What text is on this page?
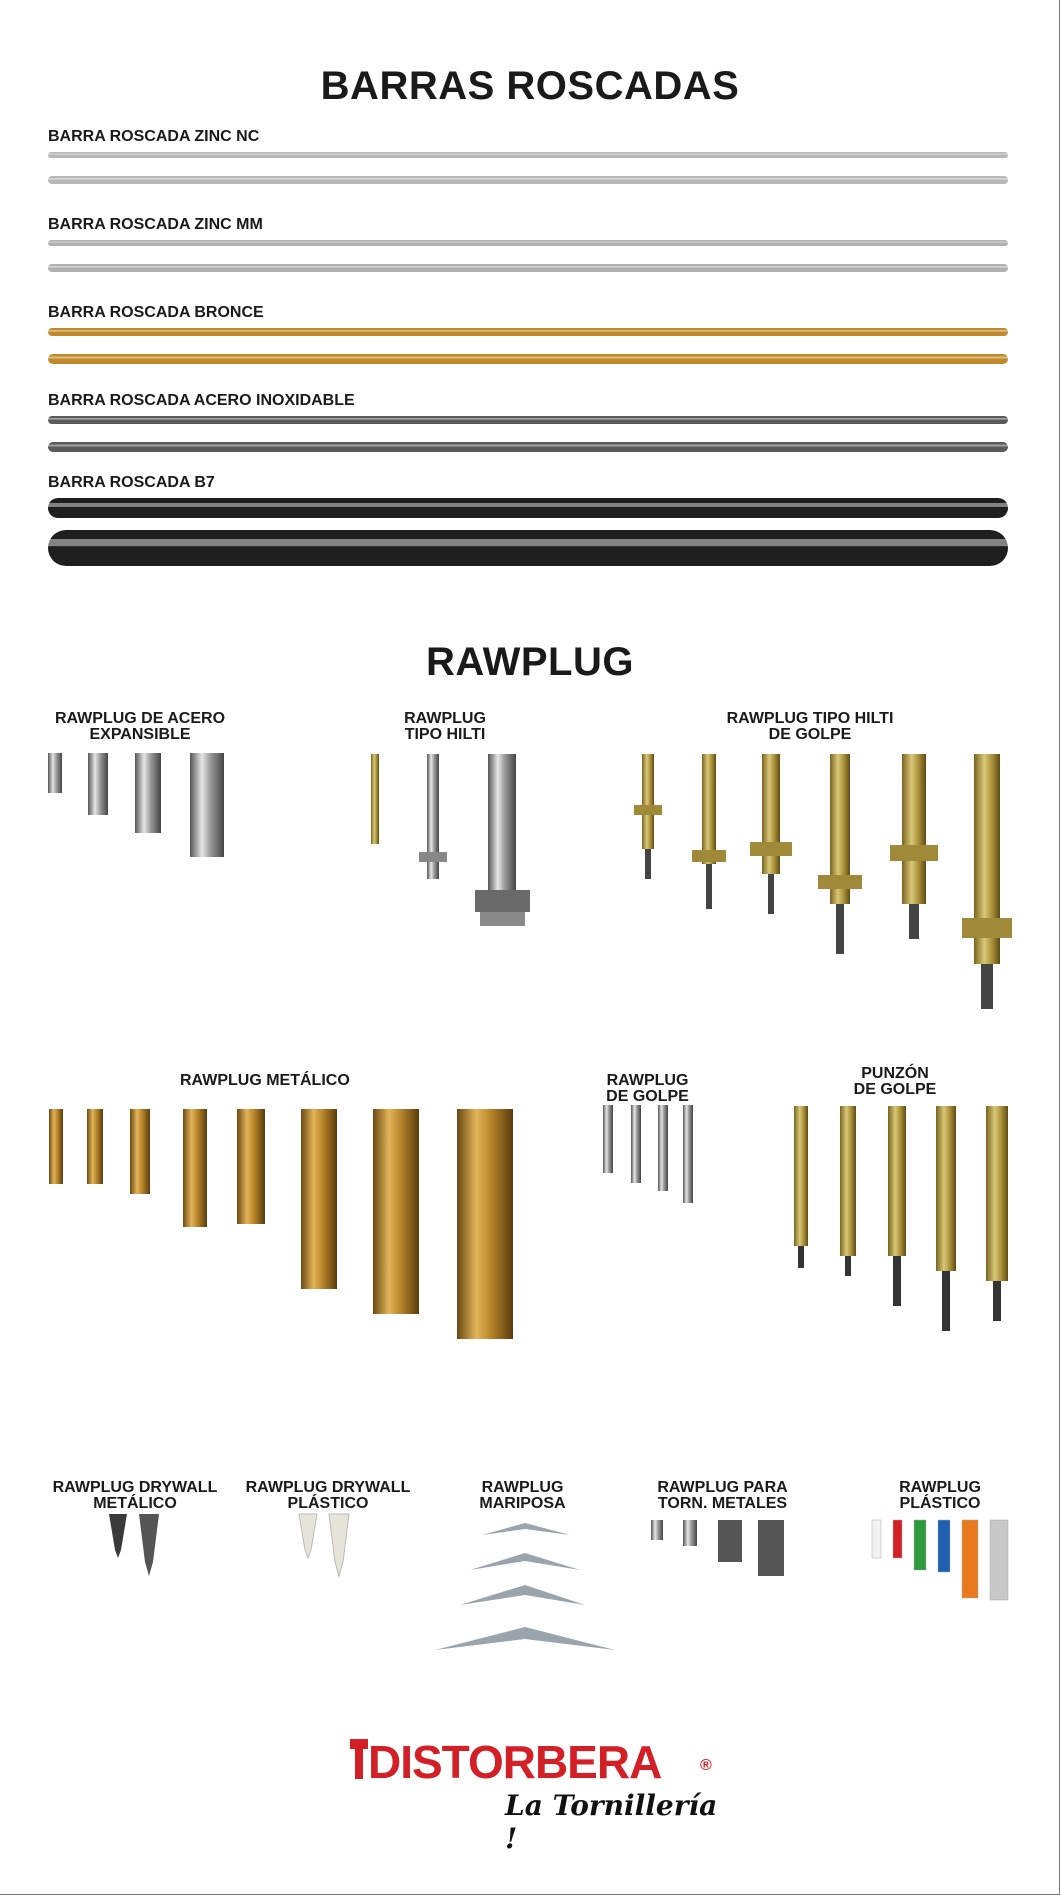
BARRAS ROSCADAS
BARRA ROSCADA ZINC NC
BARRA ROSCADA ZINC MM
BARRA ROSCADA BRONCE
BARRA ROSCADA ACERO INOXIDABLE
BARRA ROSCADA B7
RAWPLUG
RAWPLUG DE ACERO
EXPANSIBLE
RAWPLUG
TIPO HILTI
RAWPLUG TIPO HILTI
DE GOLPE
RAWPLUG METÁLICO	RAWPLUG
DE GOLPE
PUNZÓN
DE GOLPE
RAWPLUG DRYWALL
METÁLICO
RAWPLUG DRYWALL
PLÁSTICO
RAWPLUG
MARIPOSA
RAWPLUG PARA
TORN. METALES
RAWPLUG
PLÁSTICO
DISTORBERA ®
La Tornillería !
